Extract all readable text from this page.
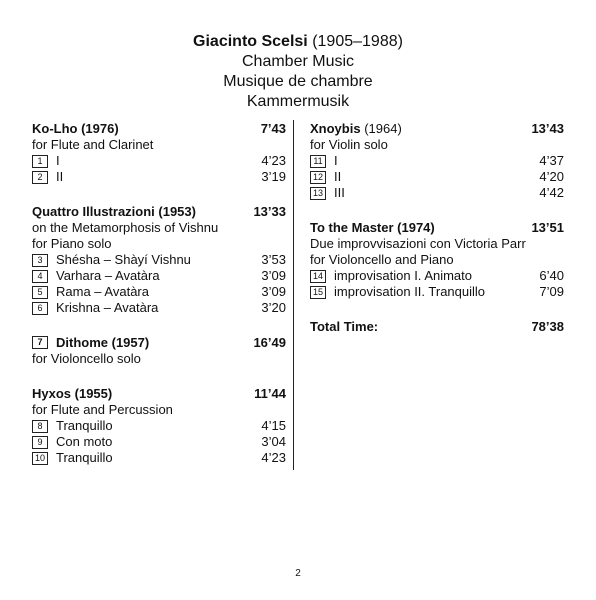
Giacinto Scelsi (1905–1988)
Chamber Music
Musique de chambre
Kammermusik
Ko-Lho (1976)	7’43
for Flute and Clarinet
1	I	4’23
2	II	3’19
Quattro Illustrazioni (1953)	13’33
on the Metamorphosis of Vishnu
for Piano solo
3	Shésha – Shàyí Vishnu	3’53
4	Varhara – Avatàra	3’09
5	Rama – Avatàra	3’09
6	Krishna – Avatàra	3’20
7	Dithome (1957)	16’49
for Violoncello solo
Hyxos (1955)	11’44
for Flute and Percussion
8	Tranquillo	4’15
9	Con moto	3’04
10 Tranquillo	4’23
Xnoybis (1964)	13’43
for Violin solo
11 I	4’37
12 II	4’20
13 III	4’42
To the Master (1974)	13’51
Due improvvisazioni con Victoria Parr
for Violoncello and Piano
14 improvisation I. Animato	6’40
15 improvisation II. Tranquillo	7’09
Total Time:	78’38
2
